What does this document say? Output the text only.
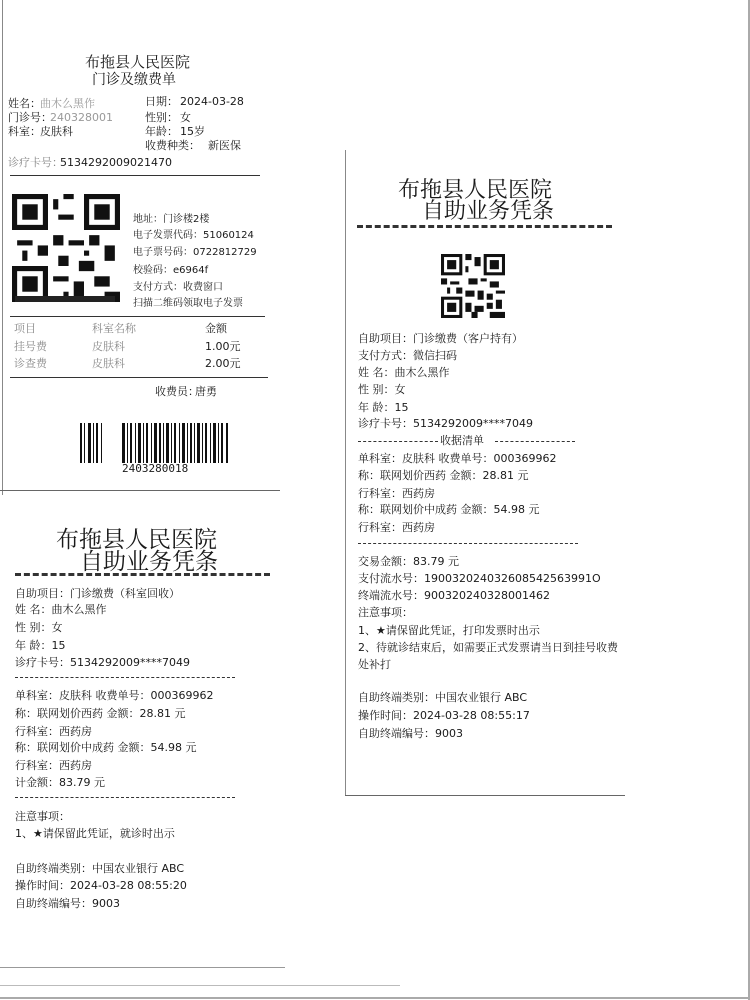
布拖县人民医院
门诊及缴费单
姓名： 曲木么黑作	日期： 2024-03-28
门诊号：
240328001	性别： 女
科室： 皮肤科	年龄： 15岁
收费种类： 新医保
诊疗卡号：
5134292009021470
地址：门诊楼2楼
电子发票代码：51060124
电子票号码：0722812729
校验码：e6964f
支付方式：收费窗口
扫描二维码领取电子发票
项目	科室名称	金额
挂号费	皮肤科	1.00元
诊查费	皮肤科	2.00元
收费员：
唐勇
2403280018
布拖县人民医院
自助业务凭条
自助项目：门诊缴费（科室回收）
姓 名：曲木么黑作
性 别：女
年 龄：15
诊疗卡号：5134292009****7049
单科室：皮肤科 收费单号：000369962
称：联网划价西药 金额：28.81 元
行科室：西药房
称：联网划价中成药 金额：54.98 元
行科室：西药房
计金额：83.79 元
注意事项：
1、★请保留此凭证，就诊时出示
自助终端类别：中国农业银行 ABC
操作时间：2024-03-28 08:55:20
自助终端编号：9003
布拖县人民医院
自助业务凭条
自助项目：门诊缴费（客户持有）
支付方式：微信扫码
姓 名：曲木么黑作
性 别：女
年 龄：15
诊疗卡号：5134292009****7049
收据清单
单科室：皮肤科 收费单号：000369962
称：联网划价西药 金额：28.81 元
行科室：西药房
称：联网划价中成药 金额：54.98 元
行科室：西药房
交易金额：83.79 元
支付流水号：190032024032608542563991O
终端流水号：9003202403280014​62
注意事项：
1、★请保留此凭证，打印发票时出示
2、待就诊结束后，如需要正式发票请当日到挂号收费
处补打
自助终端类别：中国农业银行 ABC
操作时间：2024-03-28 08:55:17
自助终端编号：9003
